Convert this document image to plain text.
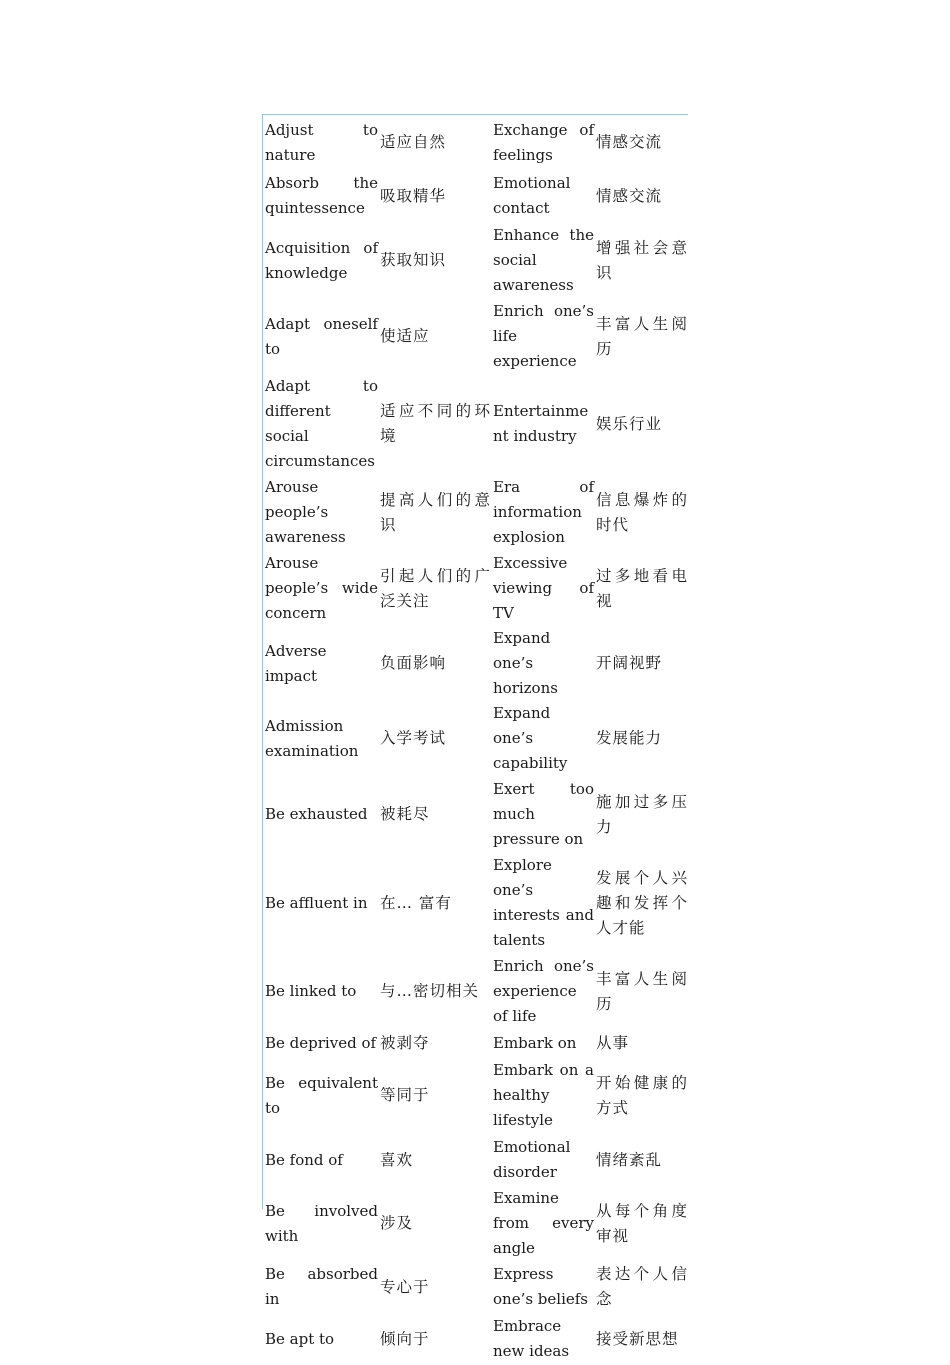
Adjust to nature	适应自然	Exchange of feelings	情感交流
Absorb the quintessence	吸取精华	Emotional contact	情感交流
Acquisition of knowledge	获取知识	Enhance the social awareness	增强社会意识
Adapt oneself to	使适应	Enrich one’s life experience	丰富人生阅历
Adapt to different social circumstances	适应不同的环境	Entertainment industry	娱乐行业
Arouse people’s awareness	提高人们的意识	Era of information explosion	信息爆炸的时代
Arouse people’s wide concern	引起人们的广泛关注	Excessive viewing of TV	过多地看电视
Adverse impact	负面影响	Expand one’s horizons	开阔视野
Admission examination	入学考试	Expand one’s capability	发展能力
Be exhausted	被耗尽	Exert too much pressure on	施加过多压力
Be affluent in	在… 富有	Explore one’s interests and talents	发展个人兴趣和发挥个人才能
Be linked to	与…密切相关	Enrich one’s experience of life	丰富人生阅历
Be deprived of	被剥夺	Embark on	从事
Be equivalent to	等同于	Embark on a healthy lifestyle	开始健康的方式
Be fond of	喜欢	Emotional disorder	情绪紊乱
Be involved with	涉及	Examine from every angle	从每个角度审视
Be absorbed in	专心于	Express one’s beliefs	表达个人信念
Be apt to	倾向于	Embrace new ideas	接受新思想
